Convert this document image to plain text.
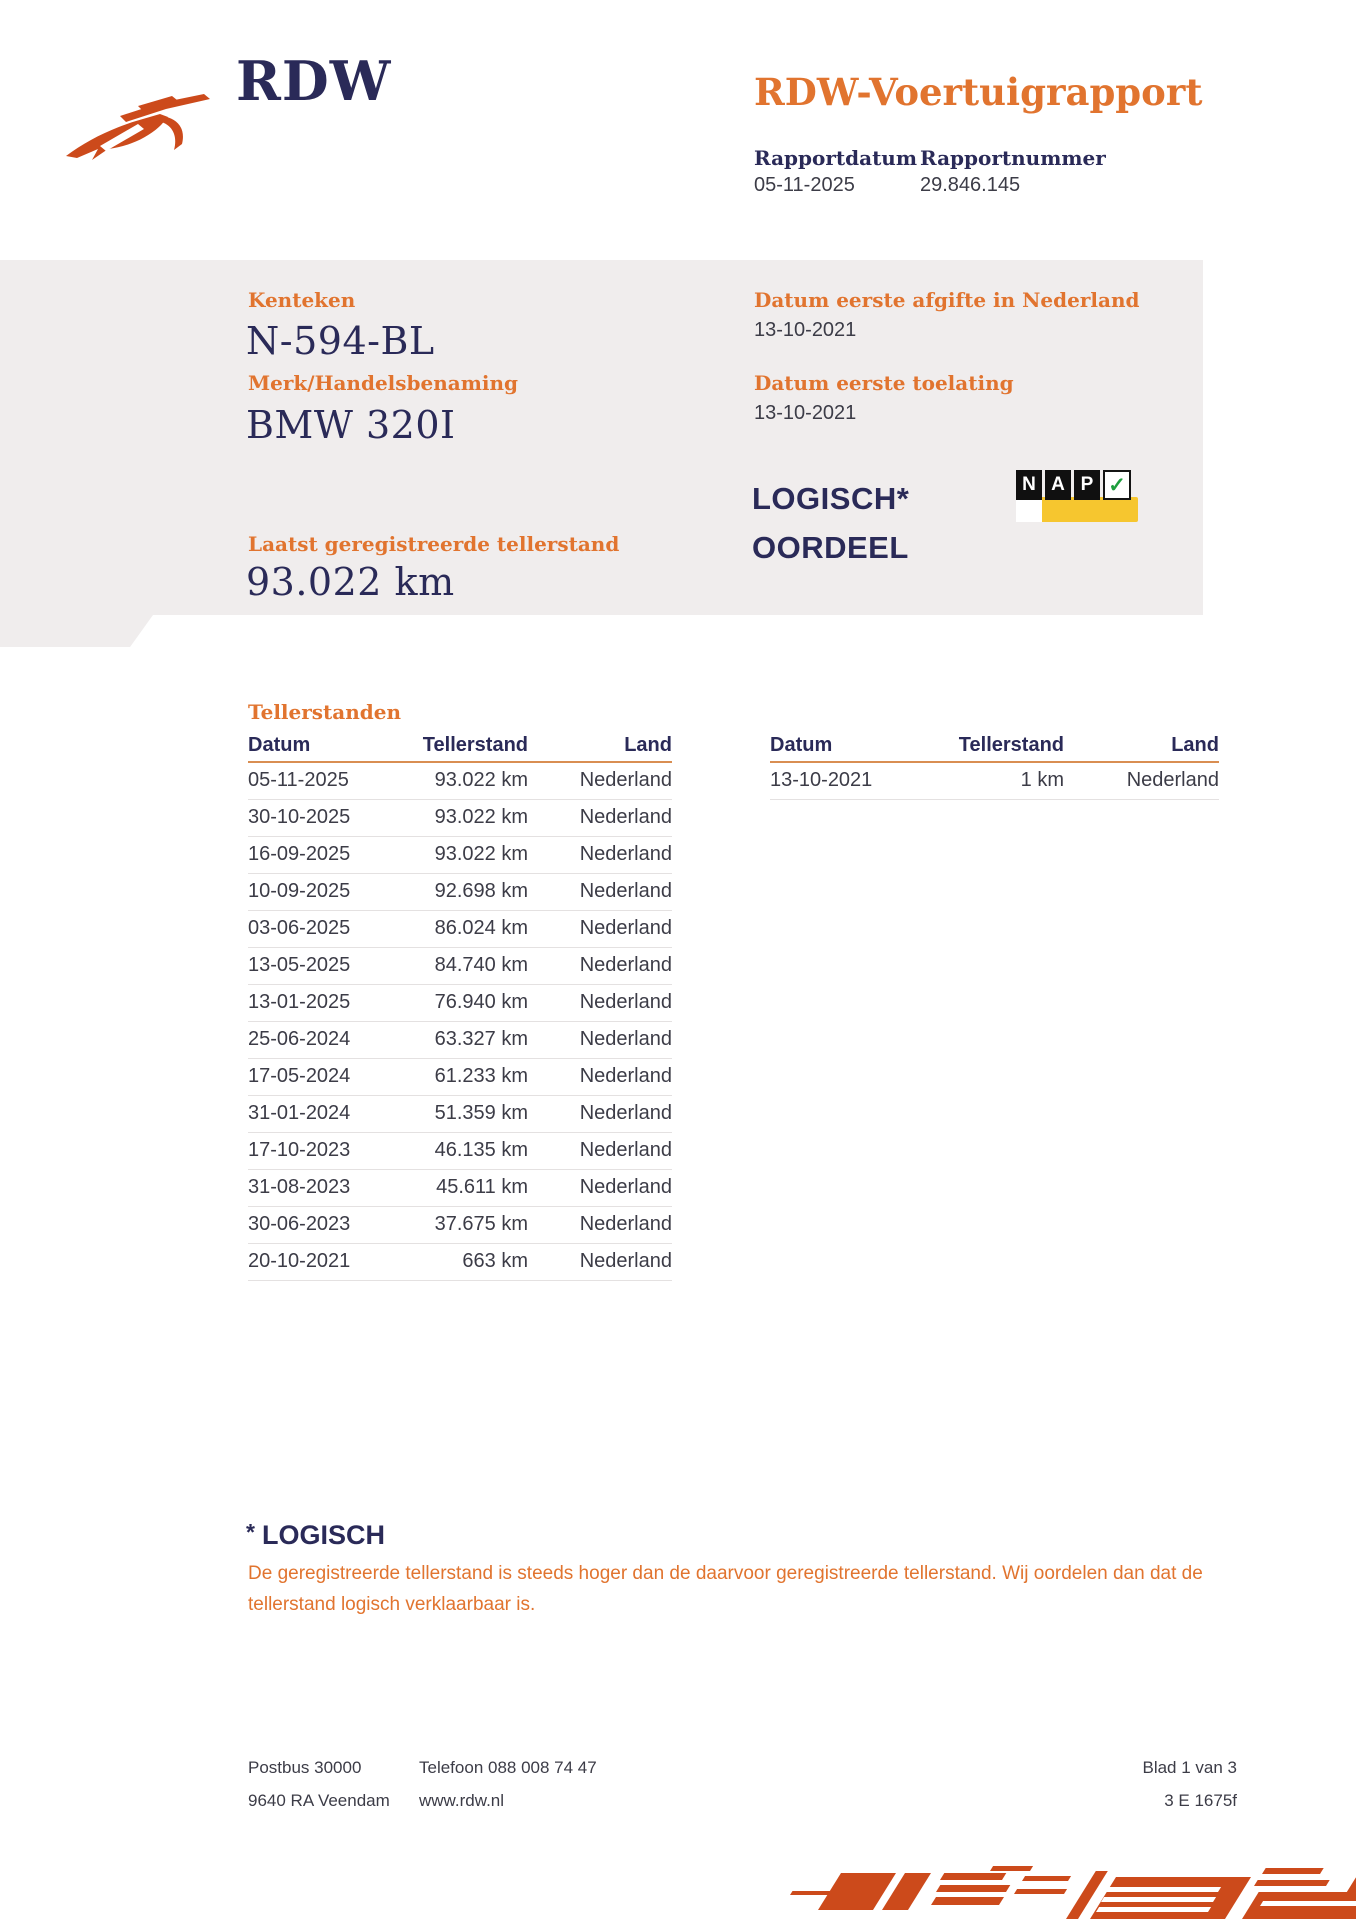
RDW	RDW-Voertuigrapport
Rapportdatum Rapportnummer
05-11-2025	29.846.145
Kenteken
N-594-BL
Merk/Handelsbenaming
BMW 320I
Datum eerste afgifte in Nederland
13-10-2021
Datum eerste toelating
13-10-2021
LOGISCH*
OORDEEL
N A P ✓
Laatst geregistreerde tellerstand
93.022 km
Tellerstanden
Datum	Tellerstand	Land
05-11-2025	93.022 km	Nederland
30-10-2025	93.022 km	Nederland
16-09-2025	93.022 km	Nederland
10-09-2025	92.698 km	Nederland
03-06-2025	86.024 km	Nederland
13-05-2025	84.740 km	Nederland
13-01-2025	76.940 km	Nederland
25-06-2024	63.327 km	Nederland
17-05-2024	61.233 km	Nederland
31-01-2024	51.359 km	Nederland
17-10-2023	46.135 km	Nederland
31-08-2023	45.611 km	Nederland
30-06-2023	37.675 km	Nederland
20-10-2021	663 km	Nederland
Datum	Tellerstand	Land
13-10-2021	1 km	Nederland
* LOGISCH
De geregistreerde tellerstand is steeds hoger dan de daarvoor geregistreerde tellerstand. Wij oordelen dan dat de tellerstand logisch verklaarbaar is.
Postbus 30000
9640 RA Veendam
Telefoon 088 008 74 47
www.rdw.nl
Blad 1 van 3
3 E 1675f
